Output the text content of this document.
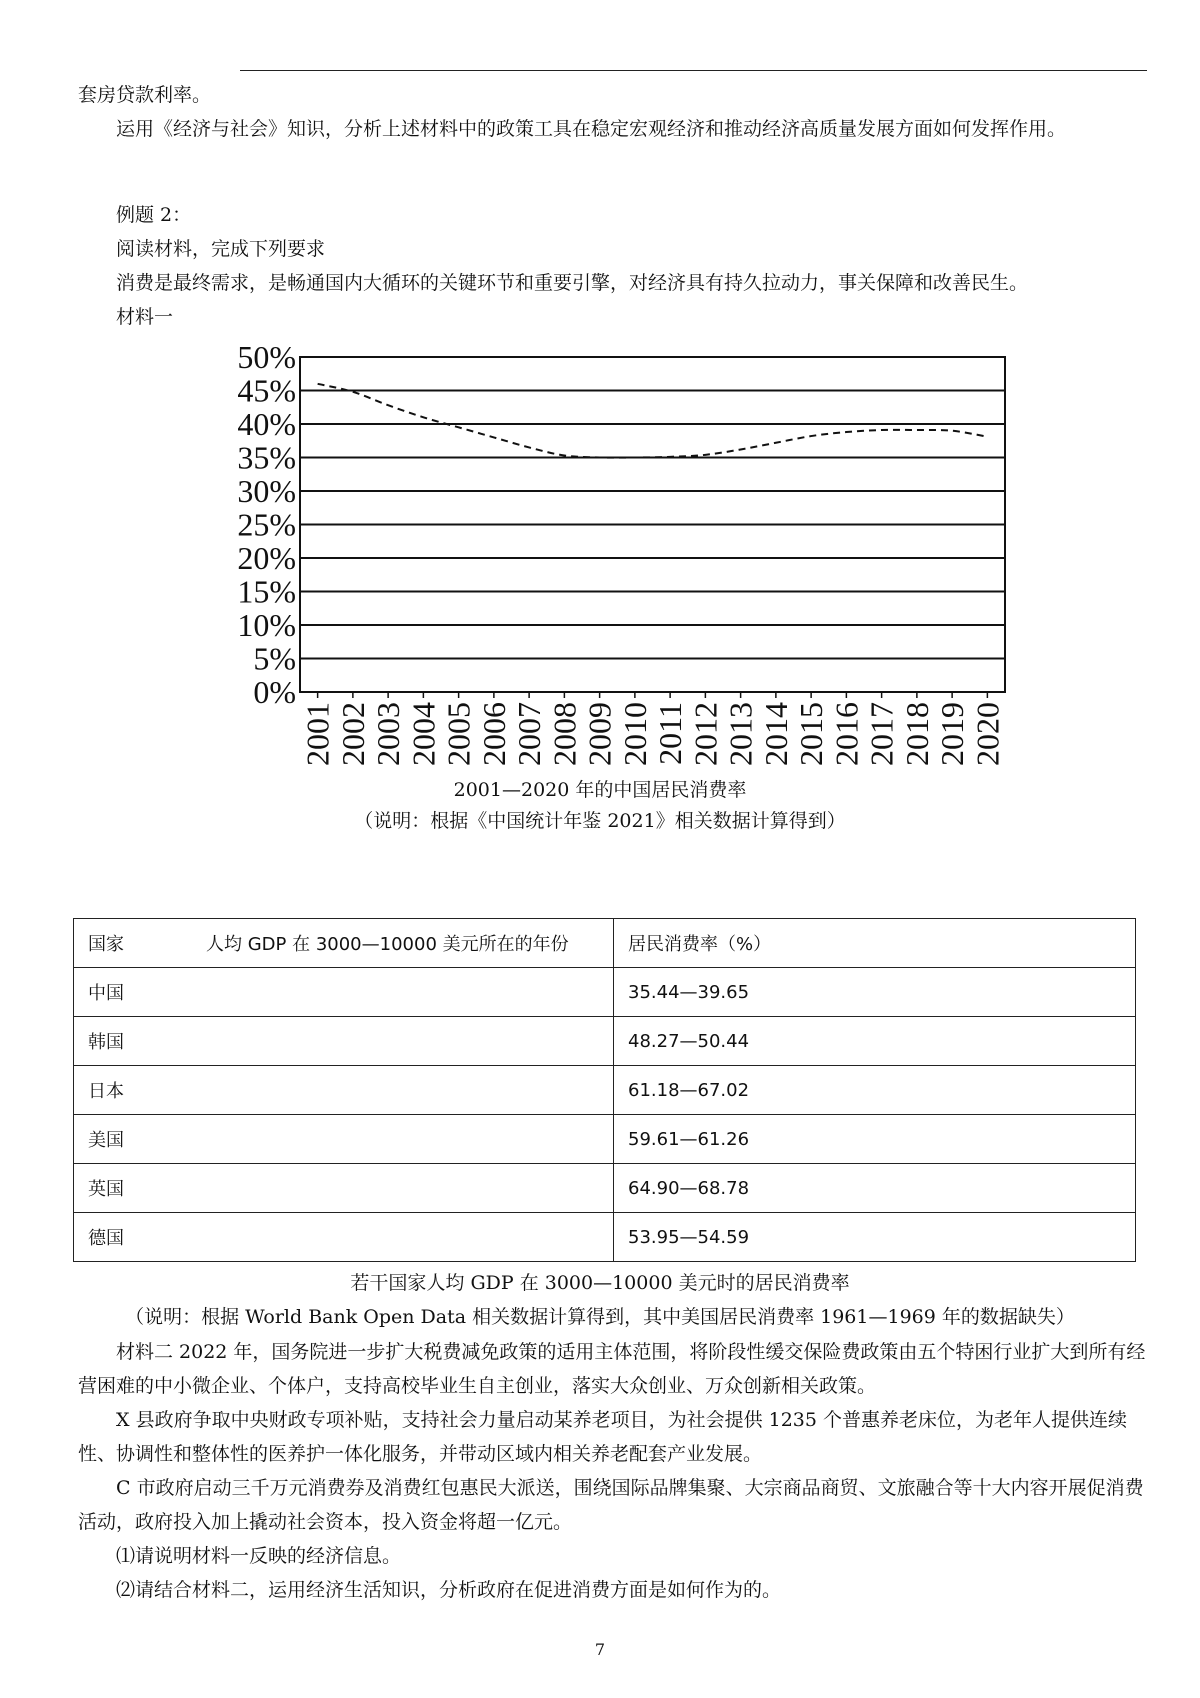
套房贷款利率。

运用《经济与社会》知识，分析上述材料中的政策工具在稳定宏观经济和推动经济高质量发展方面如何发挥作用。

例题 2：

阅读材料，完成下列要求

消费是最终需求，是畅通国内大循环的关键环节和重要引擎，对经济具有持久拉动力，事关保障和改善民生。

材料一

0%
5%
10%
15%
20%
25%
30%
35%
40%
45%
50%
2001 2002 2003 2004 2005 2006 2007 2008 2009 2010 2011 2012 2013 2014 2015 2016 2017 2018 2019 2020

2001—2020 年的中国居民消费率

（说明：根据《中国统计年鉴 2021》相关数据计算得到）

国家 人均 GDP 在 3000—10000 美元所在的年份	居民消费率（%）
中国	35.44—39.65
韩国	48.27—50.44
日本	61.18—67.02
美国	59.61—61.26
英国	64.90—68.78
德国	53.95—54.59

若干国家人均 GDP 在 3000—10000 美元时的居民消费率

（说明：根据 World Bank Open Data 相关数据计算得到，其中美国居民消费率 1961—1969 年的数据缺失）

材料二 2022 年，国务院进一步扩大税费减免政策的适用主体范围，将阶段性缓交保险费政策由五个特困行业扩大到所有经营困难的中小微企业、个体户，支持高校毕业生自主创业，落实大众创业、万众创新相关政策。

X 县政府争取中央财政专项补贴，支持社会力量启动某养老项目，为社会提供 1235 个普惠养老床位，为老年人提供连续性、协调性和整体性的医养护一体化服务，并带动区域内相关养老配套产业发展。

C 市政府启动三千万元消费券及消费红包惠民大派送，围绕国际品牌集聚、大宗商品商贸、文旅融合等十大内容开展促消费活动，政府投入加上撬动社会资本，投入资金将超一亿元。

⑴请说明材料一反映的经济信息。

⑵请结合材料二，运用经济生活知识，分析政府在促进消费方面是如何作为的。

7
